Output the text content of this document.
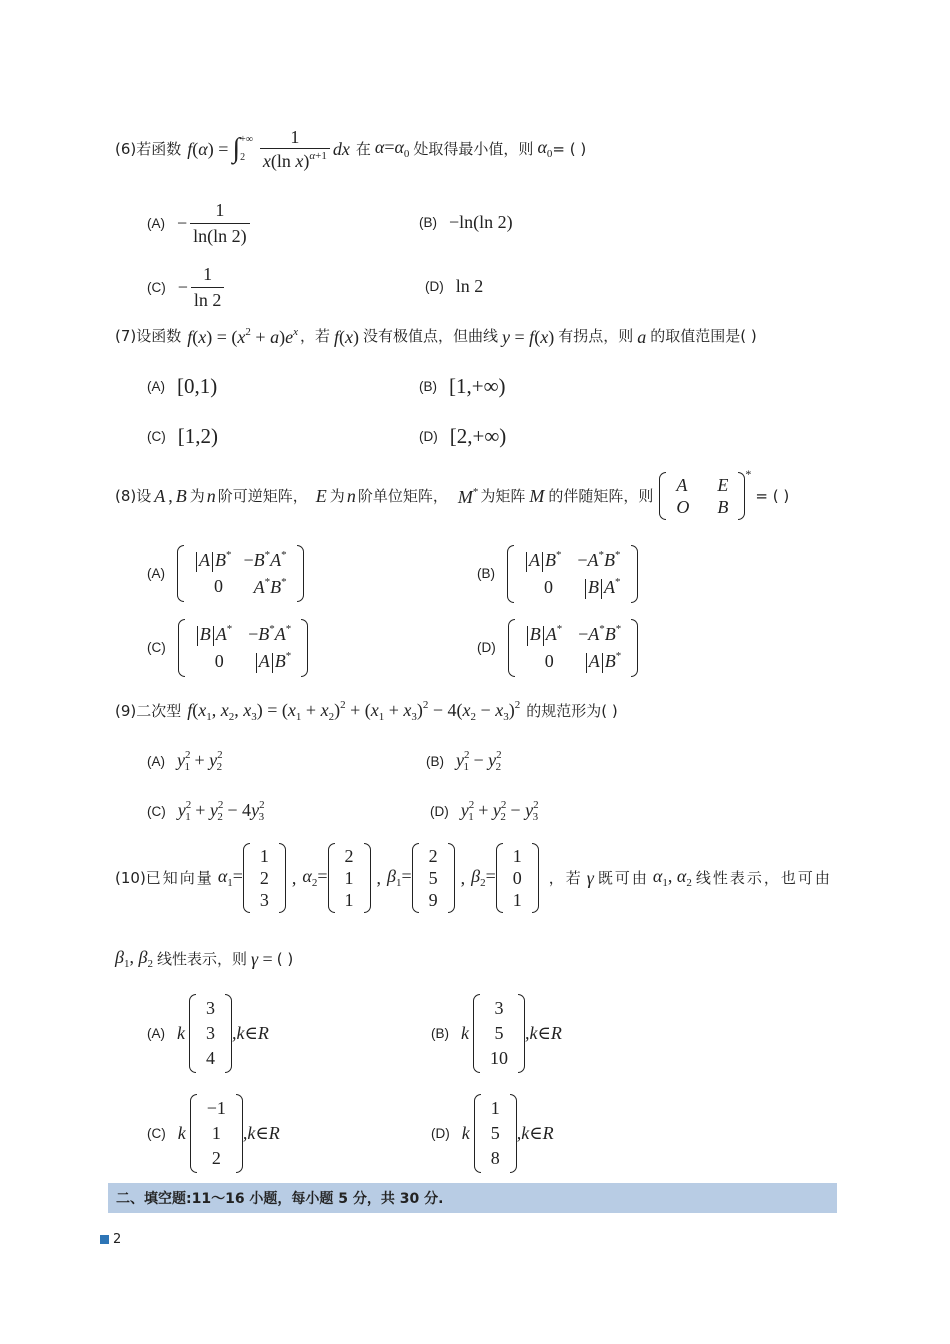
(6) 若函数 f ( α ) = ∫ +∞
$2 \frac{1}{x(\ln x)^{\alpha+1}}$ dx 在 $\alpha=\alpha_0$ 处取得最小值，则 $\alpha_0$ = ( )
$(A) - \frac{1}{\ln(\ln 2)}$	(B) −ln(ln 2)
$(C) - \frac{1}{\ln 2}$	(D) ln 2
(7) 设函数 $f(x) = (x^2 + a)e^x$ ，若 f(x) 没有极值点，但曲线 y = f(x) 有拐点，则 a 的取值范围是( )
(A) [0,1)	(B) [1,+∞)
(C) [1,2)	(D) [2,+∞)
(8) 设 A , B 为 n 阶可逆矩阵， E 为 n 阶单位矩阵， M* 为矩阵 M 的伴随矩阵，则
A	E
O	B
*
= ( )
(A)
A B* −B*A*
0	A*B*
(B)
A B* −A*B*
0	B A*
(C)
B A* −B*A*
0	A B*
(D)
B A* −A*B*
0	A B*
(9) 二次型 $f(x_1$, $x_2$, $x_3) = (x_1 + x_2)^2 + (x_1 + x_3)^2 - 4(x_2 - x_3)^2$ 的规范形为( )
(A) $y^2_1 + y^2_2$	(B) $y^2_1 - y^2_2$
(C) $y^2_1 + y^2_2 - 4y^2_3$	(D) $y^2_1 + y^2_2 - y^2_3$
(10) 已知向量 $\alpha_1=$
1
2
3
, $\alpha_2=$
2
1
1
, $\beta_1=$
2
5
9
, $\beta_2=$
1
0
1
，若 γ 既可由 $\alpha_1$, $\alpha_2$ 线性表示，也可由
$\beta_1$, $\beta_2$ 线性表示，则 γ = ( )
(A) k
3
3
4
,k∈R	(B) k
3
5
10
,k∈R
(C) k
−1
1
2
,k∈R	(D) k
1
5
8
,k∈R
二、填空题:11～16 小题，每小题 5 分，共 30 分.
2
